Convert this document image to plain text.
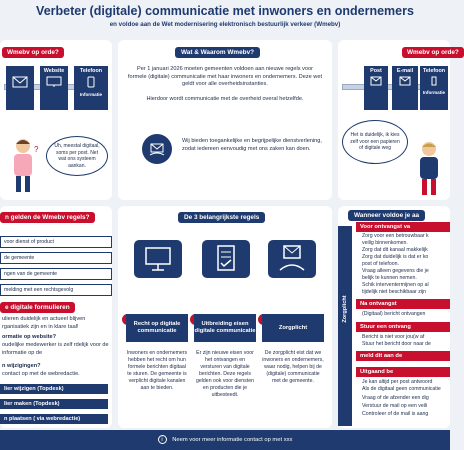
Verbeter (digitale) communicatie met inwoners en ondernemers
en voldoe aan de Wet modernisering elektronisch bestuurlijk verkeer (Wmebv)

Website	Telefoon
Informatie
Uh, meestal digitaal, soms per post. Net wat ons systeem aankan.
?
Wmebv op orde?
Per 1 januari 2026 moeten gemeenten voldoen aan nieuwe regels voor formele (digitale) communicatie met haar inwoners en ondernemers. Deze wet geldt voor alle overheidsinstanties.
Hierdoor wordt communicatie met de overheid overal hetzelfde.
Wij bieden toegankelijke en begrijpelijke dienstverlening, zodat iedereen eenvoudig met ons zaken kan doen.
Wat & Waarom Wmebv?
Post	E-mail	Telefoon
Informatie
Het is duidelijk, ik kies zelf voor een papieren of digitale weg
Wmebv op orde?
voor dienst of product
de gemeente
ngen van de gemeente
melding met een rechtsgevolg
ulieren duidelijk en actueel blijven rganisatiek zijn en in klare taal!
ormatie op website?
oudelijke medewerker is zelf rdelijk voor de informatie op de
n wijzigingen?
contact op met de webredactie.
lier wijzigen (Topdesk)
lier maken (Topdesk)
n plaatsen ( via webredactie)
n gelden de Wmebv regels?
e digitale formulieren
Recht op digitale communicatie
Uitbreiding eisen digitale communicatie
Zorgplicht
Inwoners en ondernemers hebben het recht om hun formele berichten digitaal te sturen. De gemeente is verplicht digitale kanalen aan te bieden.
Er zijn nieuwe eisen voor het ontvangen en versturen van digitale berichten. Deze regels gelden ook voor diensten en producten die je uitbesteedt.
De zorgplicht eist dat we inwoners en ondernemers, waar nodig, helpen bij de (digitale) communicatie met de gemeente.
De 3 belangrijkste regels
Zorgplicht
Wanneer voldoe je aa
Voor ontvangst va
Zorg voor een betrouwbaar k
veilig binnenkomen.
Zorg dat dit kanaal makkelijk
Zorg dat duidelijk is dat er ko
post of telefoon.
Vraag alleen gegevens die je
belijk te kunnen nemen.
Schik interventermijnen op al
tijdelijk niet beschikbaar zijn
Na ontvangst
(Digitaal) bericht ontvangen
Stuur een ontvang
Bericht is niet voor jou(w af
Stuur het bericht door naar de
meld dit aan de
Uitgaand be
Je kan altijd per post antwoord
Als de digitaal geen communicatie
Vraag of de afzender een dig
Verstuur de mail op een veili
Controleer of de mail is aang
i Neem voor meer informatie contact op met xxx
